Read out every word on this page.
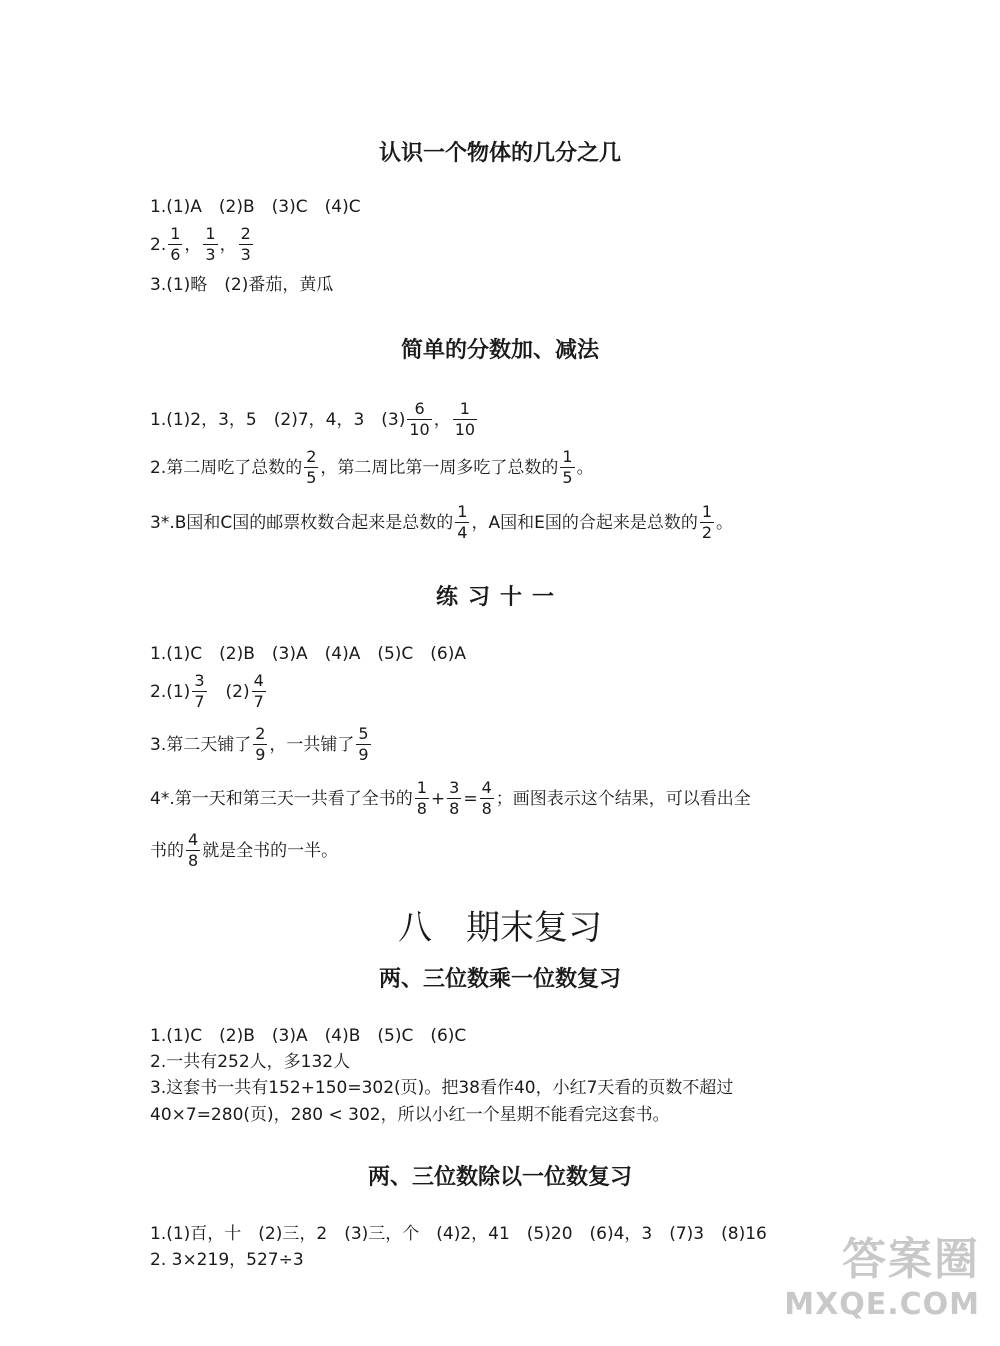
认识一个物体的几分之几
1.(1)A　(2)B　(3)C　(4)C
2. $\frac{1}{6}$ ， $\frac{1}{3}$ ， $\frac{2}{3}$
3.(1)略　(2)番茄，黄瓜
简单的分数加、减法
1.(1)2，3，5　(2)7，4，3　$(3) \frac{6}{10}$ ， $\frac{1}{10}$
2.第二周吃了总数的 $\frac{2}{5}$ ，第二周比第一周多吃了总数的 $\frac{1}{5}$ 。
3*.B国和C国的邮票枚数合起来是总数的 $\frac{1}{4}$ ，A国和E国的合起来是总数的 $\frac{1}{2}$ 。
练习十一
1.(1)C　(2)B　(3)A　(4)A　(5)C　(6)A
$2.(1) \frac{3}{7}$ 　$(2) \frac{4}{7}$
3.第二天铺了 $\frac{2}{9}$ ，一共铺了 $\frac{5}{9}$
4*.第一天和第三天一共看了全书的 $\frac{1}{8} + \frac{3}{8} = \frac{4}{8}$ ；画图表示这个结果，可以看出全
书的 $\frac{4}{8}$ 就是全书的一半。
八　期末复习
两、三位数乘一位数复习
1.(1)C　(2)B　(3)A　(4)B　(5)C　(6)C
2.一共有252人，多132人
3.这套书一共有152+150=302(页)。把38看作40，小红7天看的页数不超过
40×7=280(页)，280 < 302，所以小红一个星期不能看完这套书。
两、三位数除以一位数复习
1.(1)百，十　(2)三，2　(3)三，个　(4)2，41　(5)20　(6)4，3　(7)3　(8)16
2. 3×219，527÷3	答案圈
MXQE.COM
